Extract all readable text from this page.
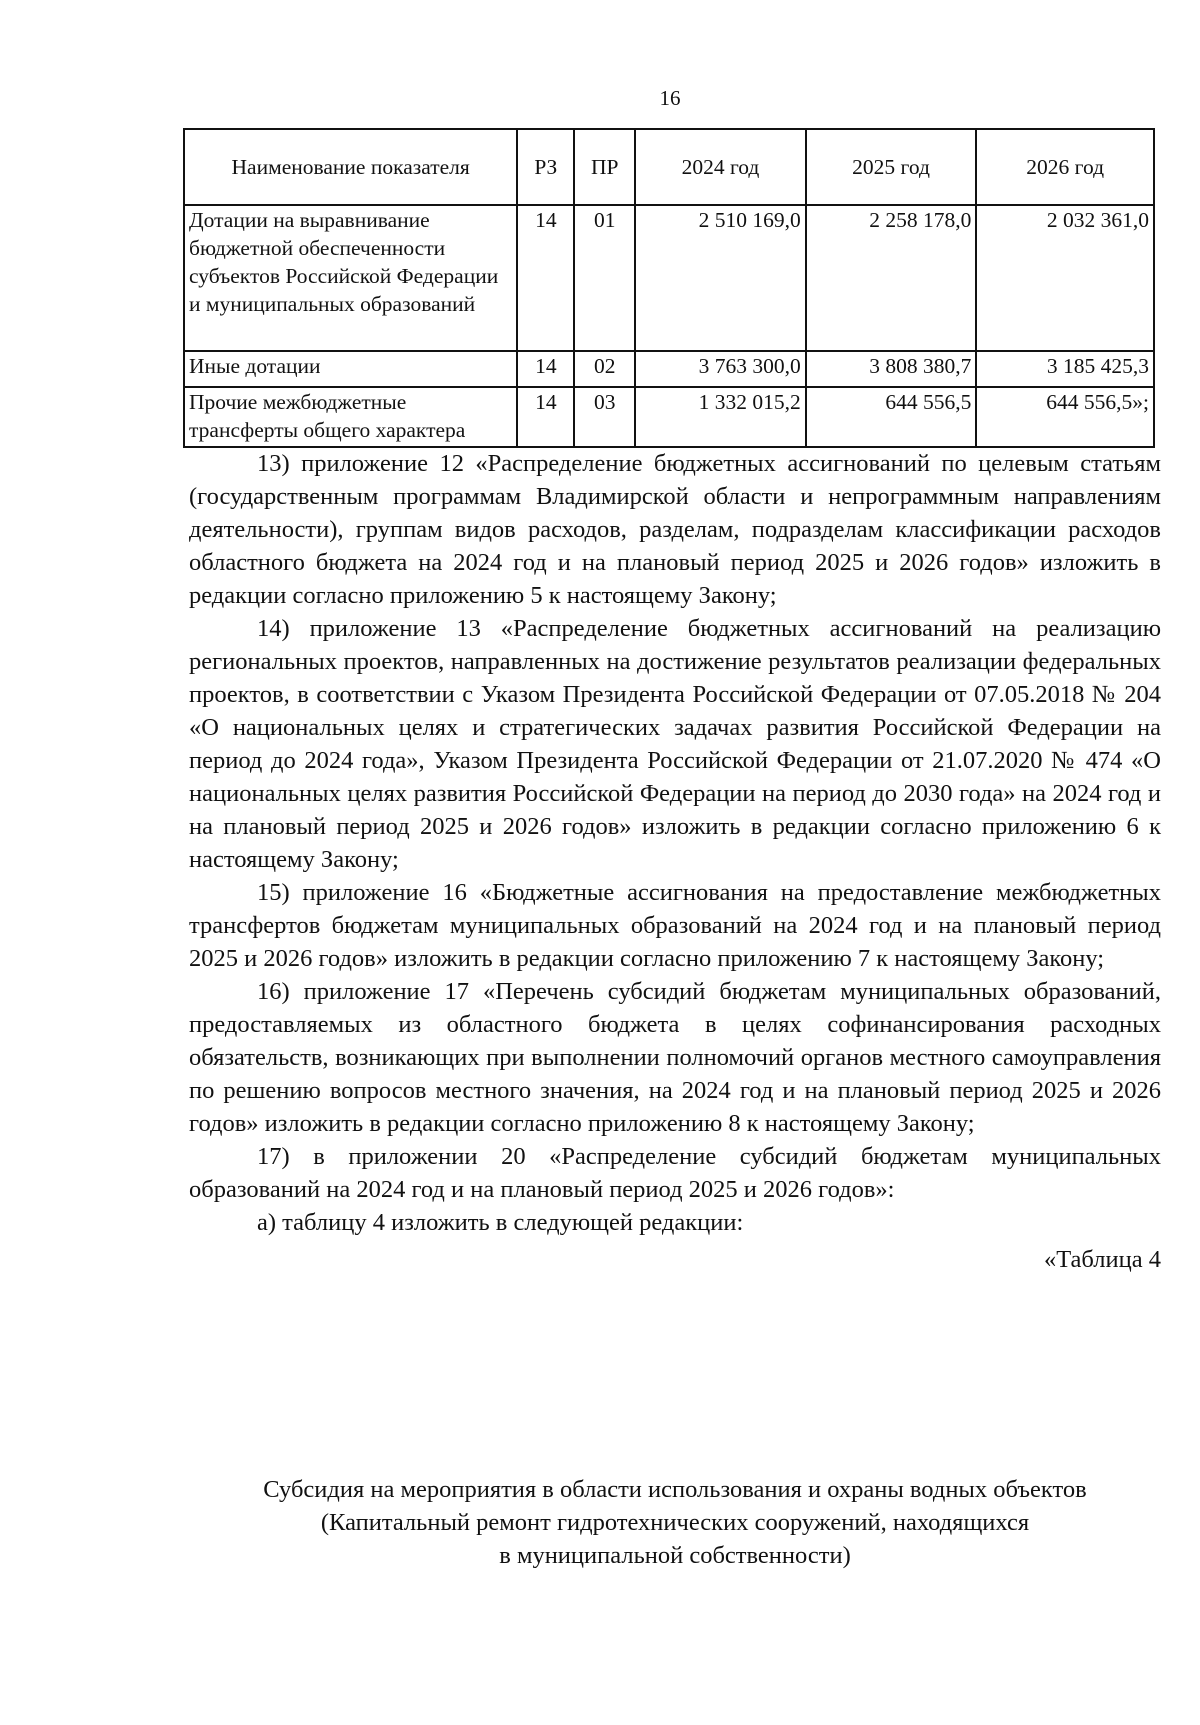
16
Наименование показателя	РЗ	ПР	2024 год	2025 год	2026 год
Дотации на выравнивание бюджетной обеспеченности субъектов Российской Федерации и муниципальных образований	14	01	2 510 169,0	2 258 178,0	2 032 361,0
Иные дотации	14	02	3 763 300,0	3 808 380,7	3 185 425,3
Прочие межбюджетные трансферты общего характера	14	03	1 332 015,2	644 556,5	644 556,5»;

13) приложение 12 «Распределение бюджетных ассигнований по целевым статьям (государственным программам Владимирской области и непрограммным направлениям деятельности), группам видов расходов, разделам, подразделам классификации расходов областного бюджета на 2024 год и на плановый период 2025 и 2026 годов» изложить в редакции согласно приложению 5 к настоящему Закону;

14) приложение 13 «Распределение бюджетных ассигнований на реализацию региональных проектов, направленных на достижение результатов реализации федеральных проектов, в соответствии с Указом Президента Российской Федерации от 07.05.2018 № 204 «О национальных целях и стратегических задачах развития Российской Федерации на период до 2024 года», Указом Президента Российской Федерации от 21.07.2020 № 474 «О национальных целях развития Российской Федерации на период до 2030 года» на 2024 год и на плановый период 2025 и 2026 годов» изложить в редакции согласно приложению 6 к настоящему Закону;

15) приложение 16 «Бюджетные ассигнования на предоставление межбюджетных трансфертов бюджетам муниципальных образований на 2024 год и на плановый период 2025 и 2026 годов» изложить в редакции согласно приложению 7 к настоящему Закону;

16) приложение 17 «Перечень субсидий бюджетам муниципальных образований, предоставляемых из областного бюджета в целях софинансирования расходных обязательств, возникающих при выполнении полномочий органов местного самоуправления по решению вопросов местного значения, на 2024 год и на плановый период 2025 и 2026 годов» изложить в редакции согласно приложению 8 к настоящему Закону;

17) в приложении 20 «Распределение субсидий бюджетам муниципальных образований на 2024 год и на плановый период 2025 и 2026 годов»:

а) таблицу 4 изложить в следующей редакции:

«Таблица 4

Субсидия на мероприятия в области использования и охраны водных объектов
(Капитальный ремонт гидротехнических сооружений, находящихся
в муниципальной собственности)
